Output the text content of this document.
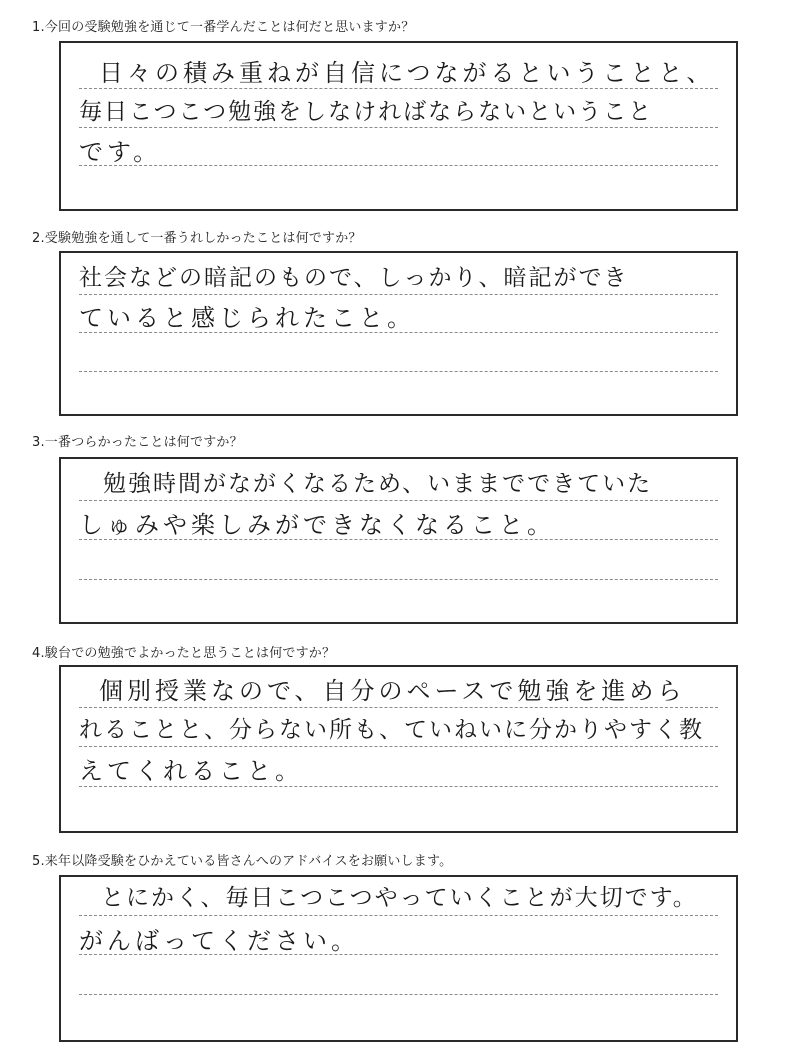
1.今回の受験勉強を通じて一番学んだことは何だと思いますか？
日々の積み重ねが自信につながるということと、
毎日こつこつ勉強をしなければならないということ
です。
2.受験勉強を通して一番うれしかったことは何ですか？
社会などの暗記のもので、しっかり、暗記ができ
ていると感じられたこと。
3.一番つらかったことは何ですか？
勉強時間がながくなるため、いままでできていた
しゅみや楽しみができなくなること。
4.駿台での勉強でよかったと思うことは何ですか？
個別授業なので、自分のペースで勉強を進めら
れることと、分らない所も、ていねいに分かりやすく教
えてくれること。
5.来年以降受験をひかえている皆さんへのアドバイスをお願いします。
とにかく、毎日こつこつやっていくことが大切です。
がんばってください。
